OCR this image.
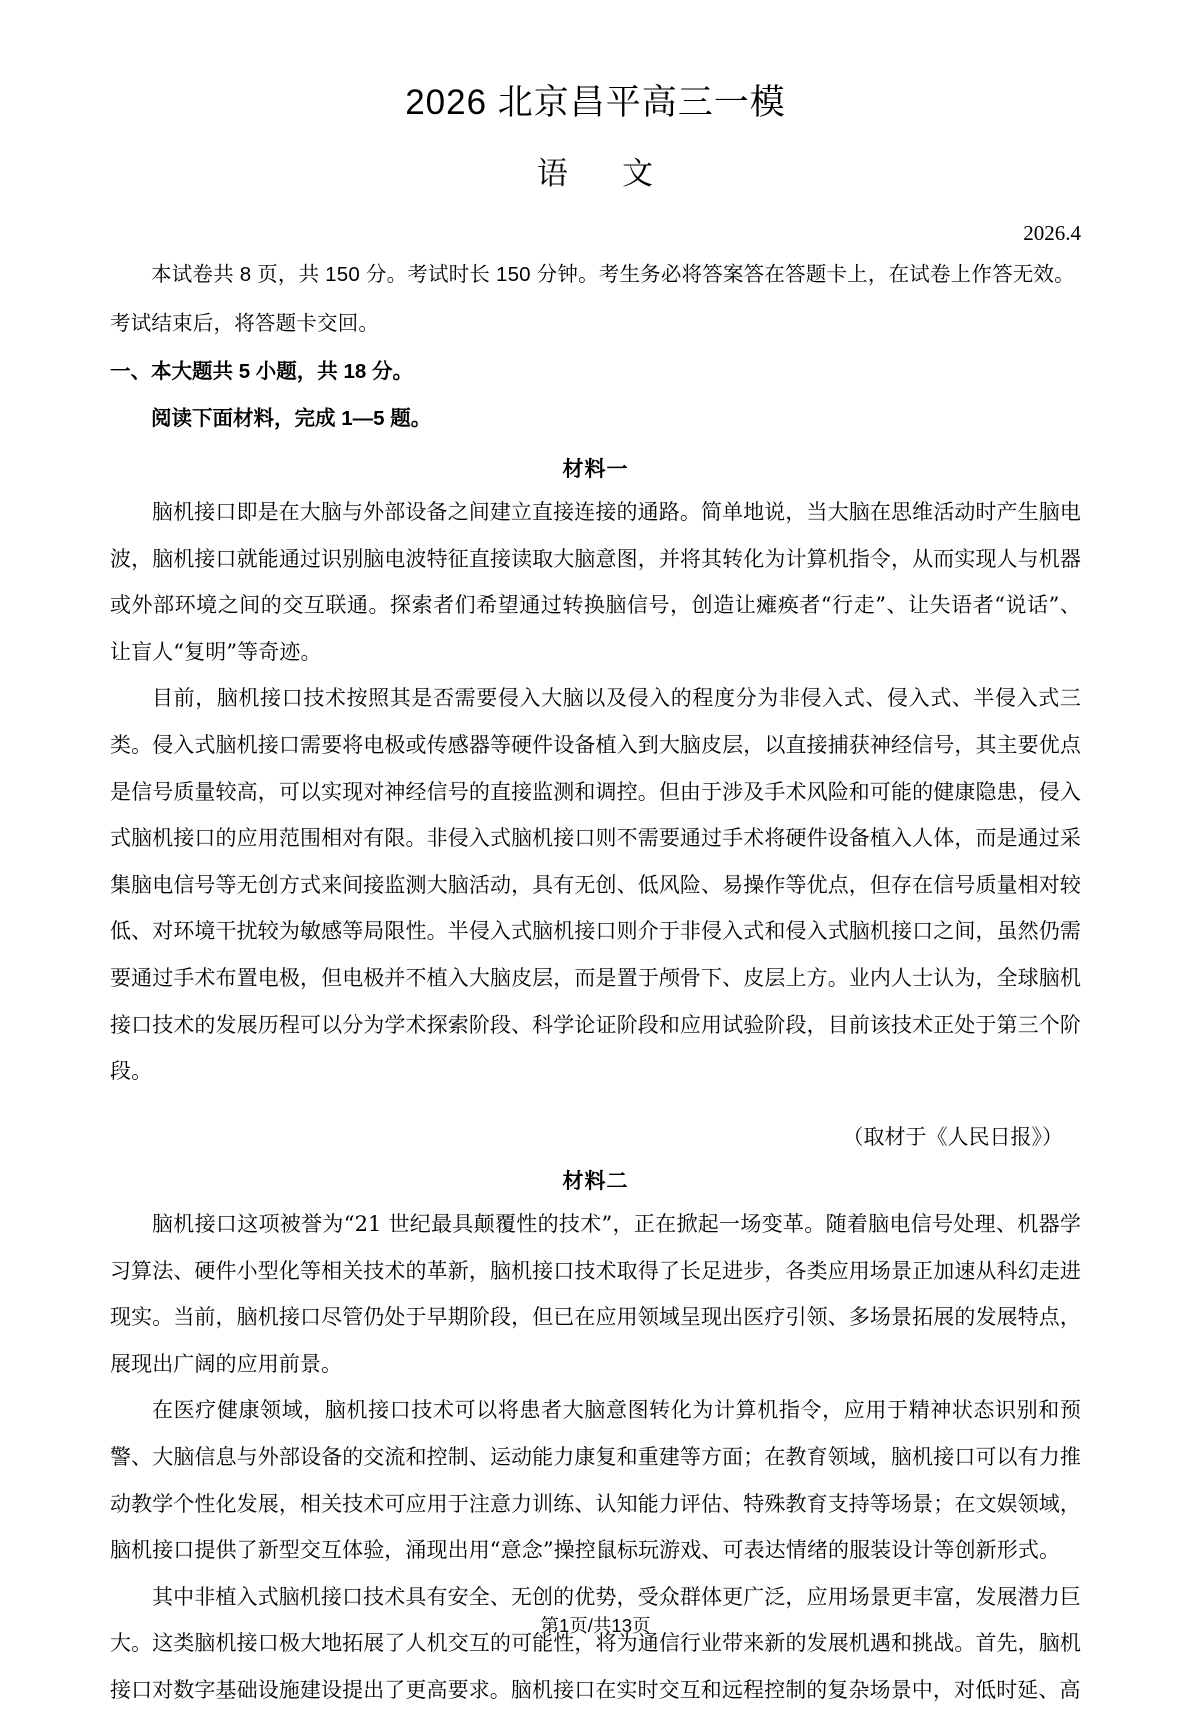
2026 北京昌平高三一模
语 文

2026.4

本试卷共 8 页，共 150 分。考试时长 150 分钟。考生务必将答案答在答题卡上，在试卷上作答无效。

考试结束后，将答题卡交回。

一、本大题共 5 小题，共 18 分。

阅读下面材料，完成 1—5 题。

材料一

脑机接口即是在大脑与外部设备之间建立直接连接的通路。简单地说，当大脑在思维活动时产生脑电波，脑机接口就能通过识别脑电波特征直接读取大脑意图，并将其转化为计算机指令，从而实现人与机器或外部环境之间的交互联通。探索者们希望通过转换脑信号，创造让瘫痪者“行走”、让失语者“说话”、让盲人“复明”等奇迹。

目前，脑机接口技术按照其是否需要侵入大脑以及侵入的程度分为非侵入式、侵入式、半侵入式三类。侵入式脑机接口需要将电极或传感器等硬件设备植入到大脑皮层，以直接捕获神经信号，其主要优点是信号质量较高，可以实现对神经信号的直接监测和调控。但由于涉及手术风险和可能的健康隐患，侵入式脑机接口的应用范围相对有限。非侵入式脑机接口则不需要通过手术将硬件设备植入人体，而是通过采集脑电信号等无创方式来间接监测大脑活动，具有无创、低风险、易操作等优点，但存在信号质量相对较低、对环境干扰较为敏感等局限性。半侵入式脑机接口则介于非侵入式和侵入式脑机接口之间，虽然仍需要通过手术布置电极，但电极并不植入大脑皮层，而是置于颅骨下、皮层上方。业内人士认为，全球脑机接口技术的发展历程可以分为学术探索阶段、科学论证阶段和应用试验阶段，目前该技术正处于第三个阶段。

（取材于《人民日报》）

材料二

脑机接口这项被誉为“21 世纪最具颠覆性的技术”，正在掀起一场变革。随着脑电信号处理、机器学习算法、硬件小型化等相关技术的革新，脑机接口技术取得了长足进步，各类应用场景正加速从科幻走进现实。当前，脑机接口尽管仍处于早期阶段，但已在应用领域呈现出医疗引领、多场景拓展的发展特点，展现出广阔的应用前景。

在医疗健康领域，脑机接口技术可以将患者大脑意图转化为计算机指令，应用于精神状态识别和预警、大脑信息与外部设备的交流和控制、运动能力康复和重建等方面；在教育领域，脑机接口可以有力推动教学个性化发展，相关技术可应用于注意力训练、认知能力评估、特殊教育支持等场景；在文娱领域，脑机接口提供了新型交互体验，涌现出用“意念”操控鼠标玩游戏、可表达情绪的服装设计等创新形式。

其中非植入式脑机接口技术具有安全、无创的优势，受众群体更广泛，应用场景更丰富，发展潜力巨大。这类脑机接口极大地拓展了人机交互的可能性，将为通信行业带来新的发展机遇和挑战。首先，脑机接口对数字基础设施建设提出了更高要求。脑机接口在实时交互和远程控制的复杂场景中，对低时延、高

第1页/共13页
